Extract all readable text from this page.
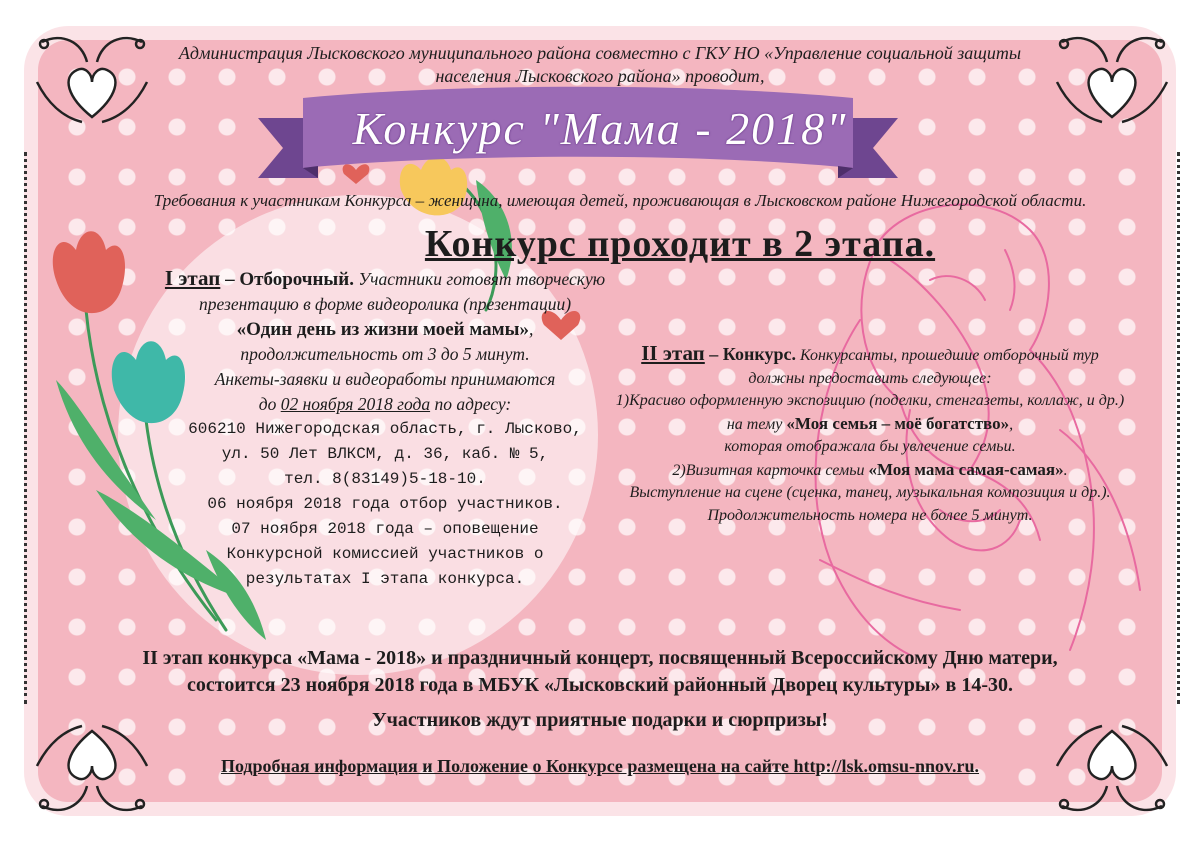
Администрация Лысковского муниципального района совместно с ГКУ НО «Управление социальной защиты
населения Лысковского района» проводит,
Конкурс "Мама - 2018"
Требования к участникам Конкурса – женщина, имеющая детей, проживающая в Лысковском районе Нижегородской области.
Конкурс проходит в 2 этапа.
I этап – Отборочный. Участники готовят творческую презентацию в форме видеоролика (презентации)
«Один день из жизни моей мамы»,
продолжительность от 3 до 5 минут.
Анкеты-заявки и видеоработы принимаются
до 02 ноября 2018 года по адресу:
606210 Нижегородская область, г. Лысково,
ул. 50 Лет ВЛКСМ, д. 36, каб. № 5,
тел. 8(83149)5-18-10.
06 ноября 2018 года отбор участников.
07 ноября 2018 года – оповещение
Конкурсной комиссией участников о
результатах I этапа конкурса.
II этап – Конкурс. Конкурсанты, прошедшие отборочный тур
должны предоставить следующее:
1)Красиво оформленную экспозицию (поделки, стенгазеты, коллаж, и др.)
на тему «Моя семья – моё богатство»,
которая отображала бы увлечение семьи.
2)Визитная карточка семьи «Моя мама самая-самая».
Выступление на сцене (сценка, танец, музыкальная композиция и др.).
Продолжительность номера не более 5 минут.
II этап конкурса «Мама - 2018» и праздничный концерт, посвященный Всероссийскому Дню матери,
состоится 23 ноября 2018 года в МБУК «Лысковский районный Дворец культуры» в 14-30.
Участников ждут приятные подарки и сюрпризы!
Подробная информация и Положение о Конкурсе размещена на сайте http://lsk.omsu-nnov.ru.
